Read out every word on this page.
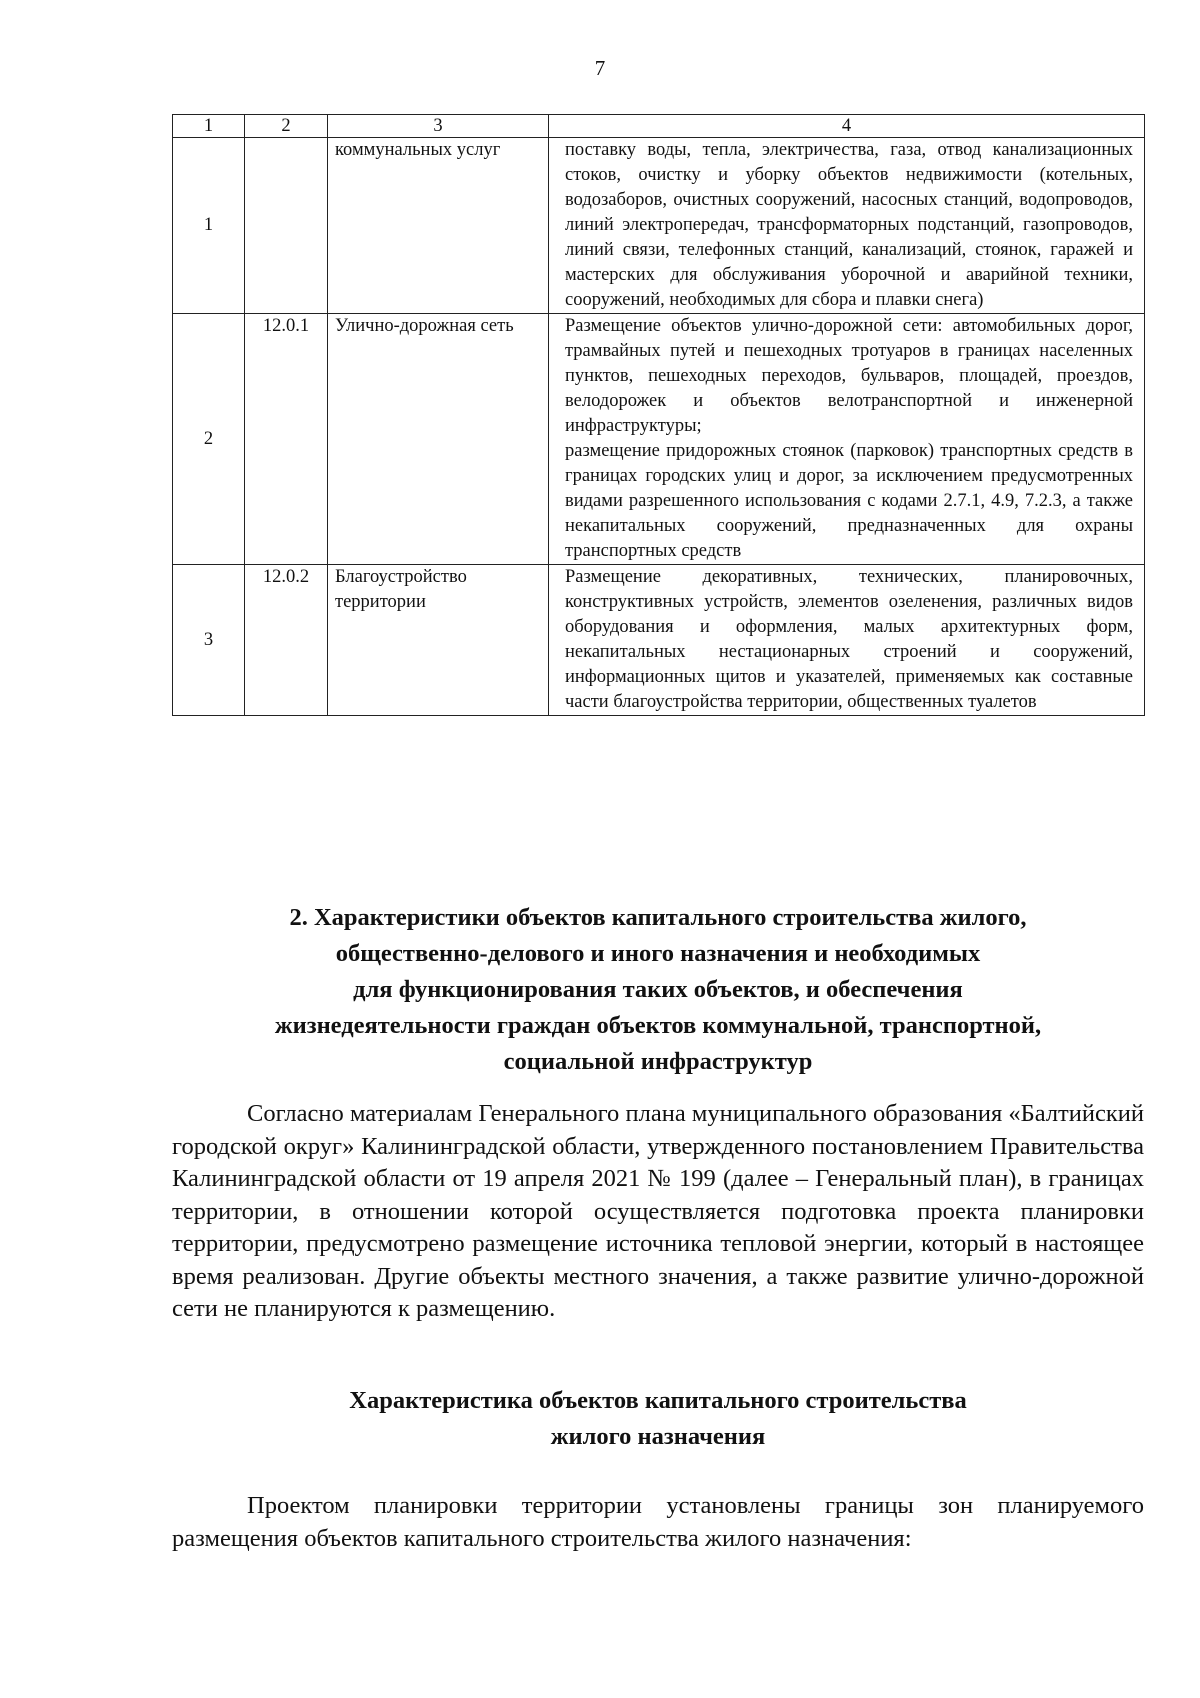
7
1	2	3	4
1		коммунальных услуг	поставку воды, тепла, электричества, газа, отвод канализационных стоков, очистку и уборку объектов недвижимости (котельных, водозаборов, очистных сооружений, насосных станций, водопроводов, линий электропередач, трансформаторных подстанций, газопроводов, линий связи, телефонных станций, канализаций, стоянок, гаражей и мастерских для обслуживания уборочной и аварийной техники, сооружений, необходимых для сбора и плавки снега)

2	12.0.1	Улично-дорожная сеть	Размещение объектов улично-дорожной сети: автомобильных дорог, трамвайных путей и пешеходных тротуаров в границах населенных пунктов, пешеходных переходов, бульваров, площадей, проездов, велодорожек и объектов велотранспортной и инженерной инфраструктуры;

размещение придорожных стоянок (парковок) транспортных средств в границах городских улиц и дорог, за исключением предусмотренных видами разрешенного использования с кодами 2.7.1, 4.9, 7.2.3, а также некапитальных сооружений, предназначенных для охраны транспортных средств

3	12.0.2	Благоустройство территории	Размещение декоративных, технических, планировочных, конструктивных устройств, элементов озеленения, различных видов оборудования и оформления, малых архитектурных форм, некапитальных нестационарных строений и сооружений, информационных щитов и указателей, применяемых как составные части благоустройства территории, общественных туалетов

2. Характеристики объектов капитального строительства жилого,

общественно-делового и иного назначения и необходимых

для функционирования таких объектов, и обеспечения

жизнедеятельности граждан объектов коммунальной, транспортной,

социальной инфраструктур

Согласно материалам Генерального плана муниципального образования «Балтийский городской округ» Калининградской области, утвержденного постановлением Правительства Калининградской области от 19 апреля 2021 № 199 (далее – Генеральный план), в границах территории, в отношении которой осуществляется подготовка проекта планировки территории, предусмотрено размещение источника тепловой энергии, который в настоящее время реализован. Другие объекты местного значения, а также развитие улично-дорожной сети не планируются к размещению.

Характеристика объектов капитального строительства

жилого назначения

Проектом планировки территории установлены границы зон планируемого размещения объектов капитального строительства жилого назначения:
